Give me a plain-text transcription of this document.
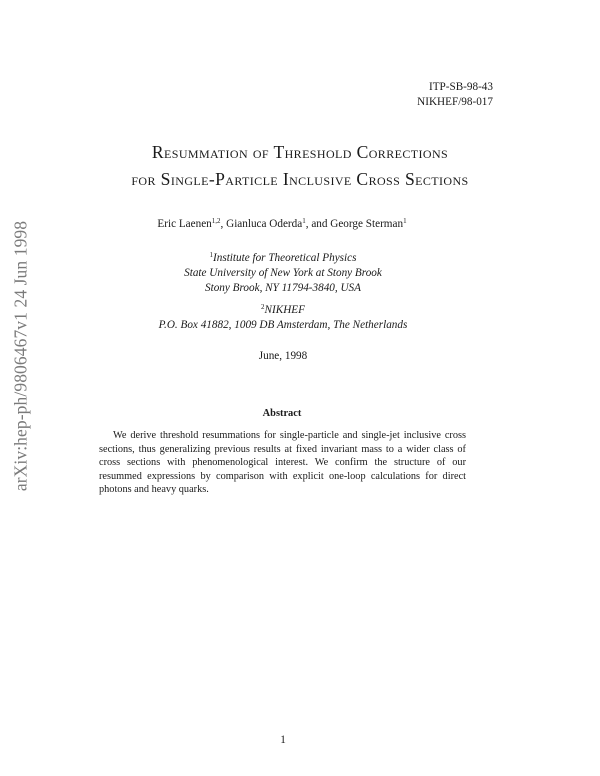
arXiv:hep-ph/9806467v1 24 Jun 1998
ITP-SB-98-43
NIKHEF/98-017
Resummation of Threshold Corrections
for Single-Particle Inclusive Cross Sections
Eric Laenen$^{1,2}$, Gianluca Oderda$^1$, and George Sterman$^1$
$^1$Institute for Theoretical Physics
State University of New York at Stony Brook
Stony Brook, NY 11794-3840, USA
$^2$NIKHEF
P.O. Box 41882, 1009 DB Amsterdam, The Netherlands
June, 1998
Abstract
We derive threshold resummations for single-particle and single-jet inclusive cross sections, thus generalizing previous results at fixed invariant mass to a wider class of cross sections with phenomenological interest. We confirm the structure of our resummed expressions by comparison with explicit one-loop calculations for direct photons and heavy quarks.
1
